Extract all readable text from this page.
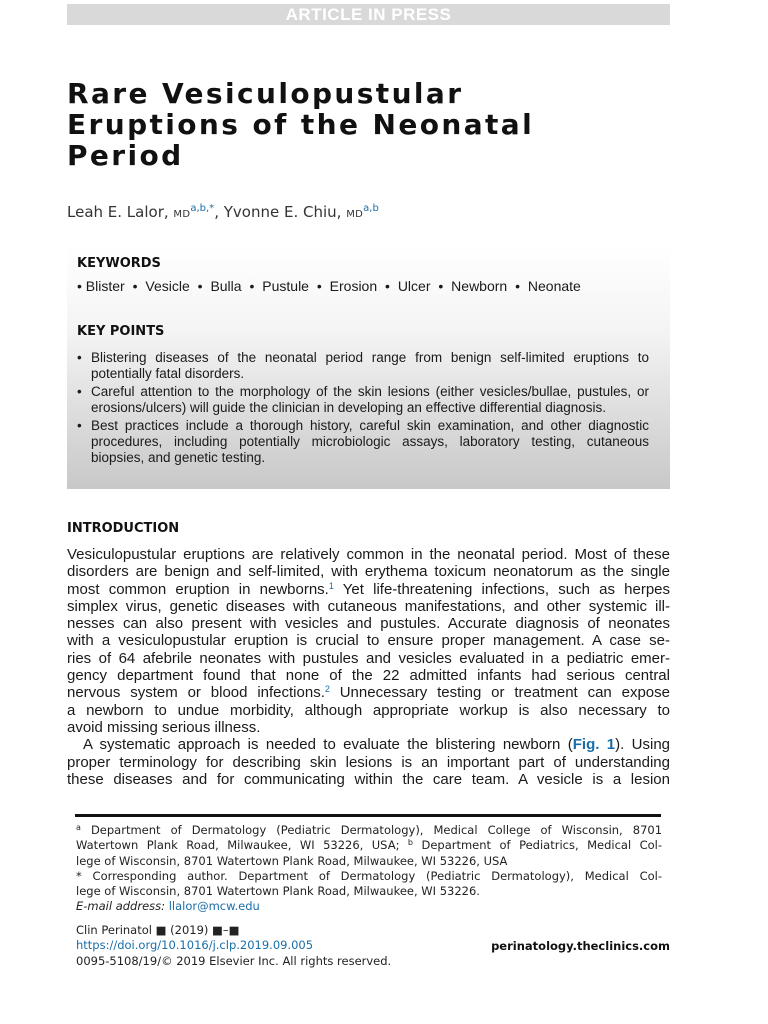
ARTICLE IN PRESS
Rare Vesiculopustular
Eruptions of the Neonatal
Period
Leah E. Lalor, $MD^{a,b,*}$, Yvonne E. Chiu, MD$^{a,b}$
KEYWORDS
• Blister • Vesicle • Bulla • Pustule • Erosion • Ulcer • Newborn • Neonate
KEY POINTS
• Blistering diseases of the neonatal period range from benign self-limited eruptions to potentially fatal disorders.
• Careful attention to the morphology of the skin lesions (either vesicles/bullae, pustules, or erosions/ulcers) will guide the clinician in developing an effective differential diagnosis.
• Best practices include a thorough history, careful skin examination, and other diagnostic procedures, including potentially microbiologic assays, laboratory testing, cutaneous biopsies, and genetic testing.
INTRODUCTION
Vesiculopustular eruptions are relatively common in the neonatal period. Most of these
disorders are benign and self-limited, with erythema toxicum neonatorum as the single
most common eruption in newborns.$^1$ Yet life-threatening infections, such as herpes
simplex virus, genetic diseases with cutaneous manifestations, and other systemic ill-
nesses can also present with vesicles and pustules. Accurate diagnosis of neonates
with a vesiculopustular eruption is crucial to ensure proper management. A case se-
ries of 64 afebrile neonates with pustules and vesicles evaluated in a pediatric emer-
gency department found that none of the 22 admitted infants had serious central
nervous system or blood infections.$^2$ Unnecessary testing or treatment can expose
a newborn to undue morbidity, although appropriate workup is also necessary to
avoid missing serious illness.
A systematic approach is needed to evaluate the blistering newborn (Fig. 1). Using
proper terminology for describing skin lesions is an important part of understanding
these diseases and for communicating within the care team. A vesicle is a lesion
$^a$ Department of Dermatology (Pediatric Dermatology), Medical College of Wisconsin, 8701
Watertown Plank Road, Milwaukee, WI 53226, USA; $^b$ Department of Pediatrics, Medical Col-
lege of Wisconsin, 8701 Watertown Plank Road, Milwaukee, WI 53226, USA
* Corresponding author. Department of Dermatology (Pediatric Dermatology), Medical Col-
lege of Wisconsin, 8701 Watertown Plank Road, Milwaukee, WI 53226.
E-mail address: llalor@mcw.edu
Clin Perinatol ■ (2019) ■–■
https://doi.org/10.1016/j.clp.2019.09.005
0095-5108/19/© 2019 Elsevier Inc. All rights reserved.
perinatology.theclinics.com
